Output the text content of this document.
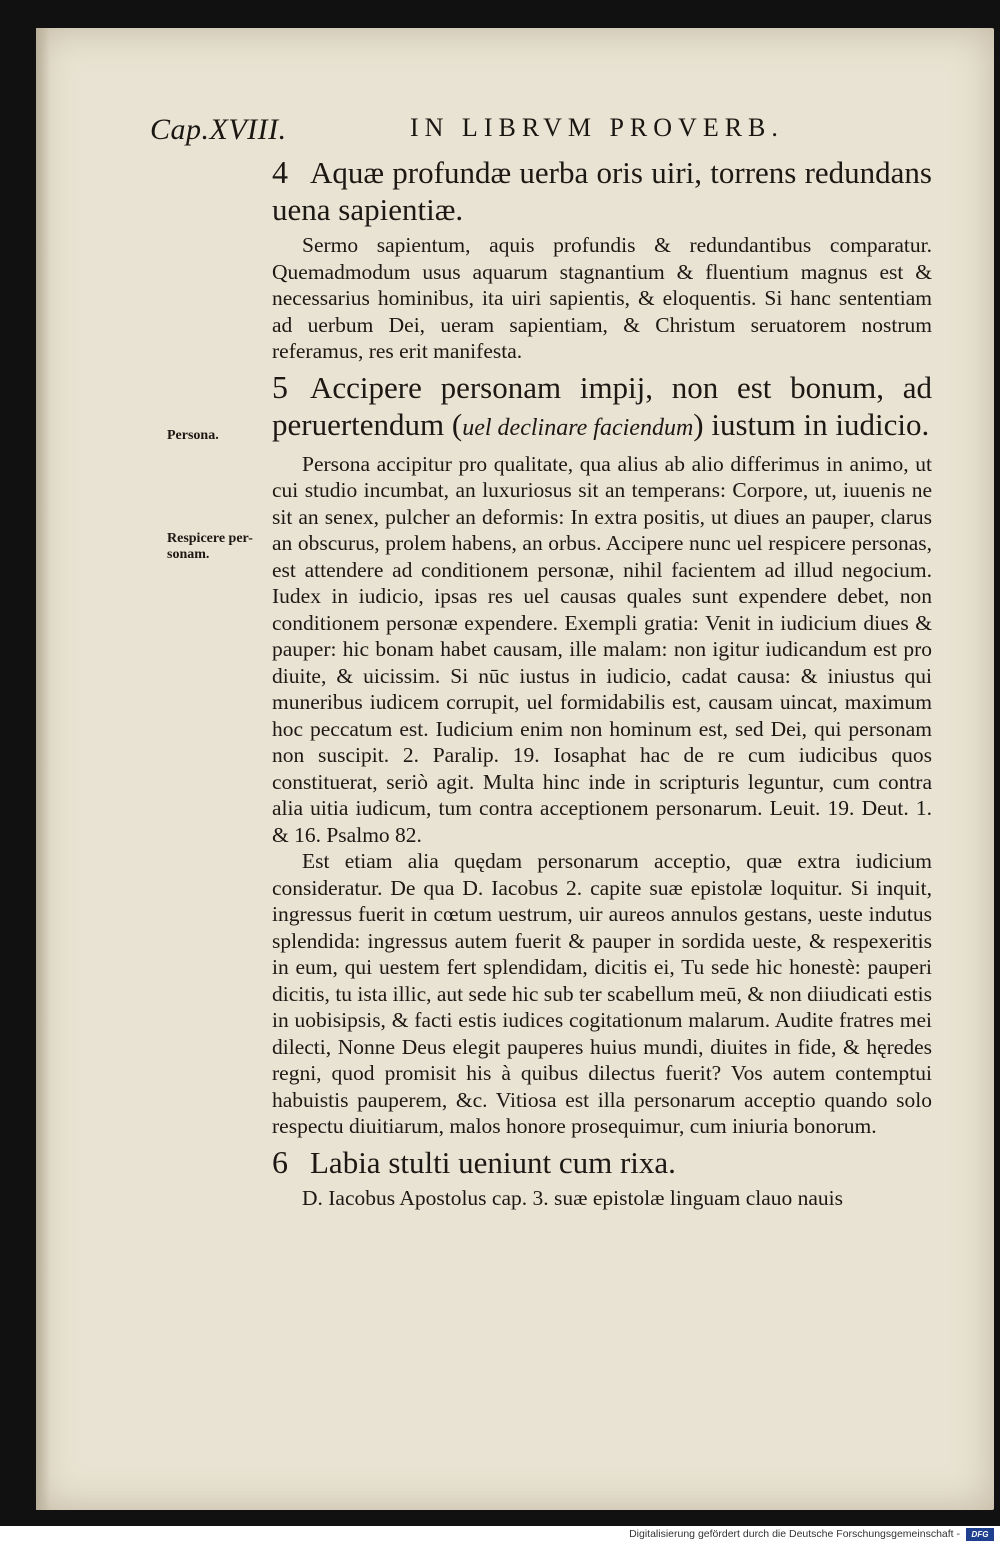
Cap.XVIII.	IN LIBRVM PROVERB.
Persona.
Respicere per-
sonam.

4 Aquæ profundæ uerba oris uiri, torrens redundans uena sapientiæ.

Sermo sapientum, aquis profundis & redundantibus comparatur. Quemadmodum usus aquarum stagnantium & fluentium magnus est & necessarius hominibus, ita uiri sapientis, & eloquentis. Si hanc sententiam ad uerbum Dei, ueram sapientiam, & Christum seruatorem nostrum referamus, res erit manifesta.

5 Accipere personam impij, non est bonum, ad peruertendum (uel declinare faciendum) iustum in iudicio.

Persona accipitur pro qualitate, qua alius ab alio differimus in animo, ut cui studio incumbat, an luxuriosus sit an temperans: Corpore, ut, iuuenis ne sit an senex, pulcher an deformis: In extra positis, ut diues an pauper, clarus an obscurus, prolem habens, an orbus. Accipere nunc uel respicere personas, est attendere ad conditionem personæ, nihil facientem ad illud negocium. Iudex in iudicio, ipsas res uel causas quales sunt expendere debet, non conditionem personæ expendere. Exempli gratia: Venit in iudicium diues & pauper: hic bonam habet causam, ille malam: non igitur iudicandum est pro diuite, & uicissim. Si nūc iustus in iudicio, cadat causa: & iniustus qui muneribus iudicem corrupit, uel formidabilis est, causam uincat, maximum hoc peccatum est. Iudicium enim non hominum est, sed Dei, qui personam non suscipit. 2. Paralip. 19. Iosaphat hac de re cum iudicibus quos constituerat, seriò agit. Multa hinc inde in scripturis leguntur, cum contra alia uitia iudicum, tum contra acceptionem personarum. Leuit. 19. Deut. 1. & 16. Psalmo 82.

Est etiam alia quędam personarum acceptio, quæ extra iudicium consideratur. De qua D. Iacobus 2. capite suæ epistolæ loquitur. Si inquit, ingressus fuerit in cœtum uestrum, uir aureos annulos gestans, ueste indutus splendida: ingressus autem fuerit & pauper in sordida ueste, & respexeritis in eum, qui uestem fert splendidam, dicitis ei, Tu sede hic honestè: pauperi dicitis, tu ista illic, aut sede hic sub ter scabellum meū, & non diiudicati estis in uobisipsis, & facti estis iudices cogitationum malarum. Audite fratres mei dilecti, Nonne Deus elegit pauperes huius mundi, diuites in fide, & hęredes regni, quod promisit his à quibus dilectus fuerit? Vos autem contemptui habuistis pauperem, &c. Vitiosa est illa personarum acceptio quando solo respectu diuitiarum, malos honore prosequimur, cum iniuria bonorum.

6 Labia stulti ueniunt cum rixa.

D. Iacobus Apostolus cap. 3. suæ epistolæ linguam clauo nauis

Digitalisierung gefördert durch die Deutsche Forschungsgemeinschaft -	DFG
